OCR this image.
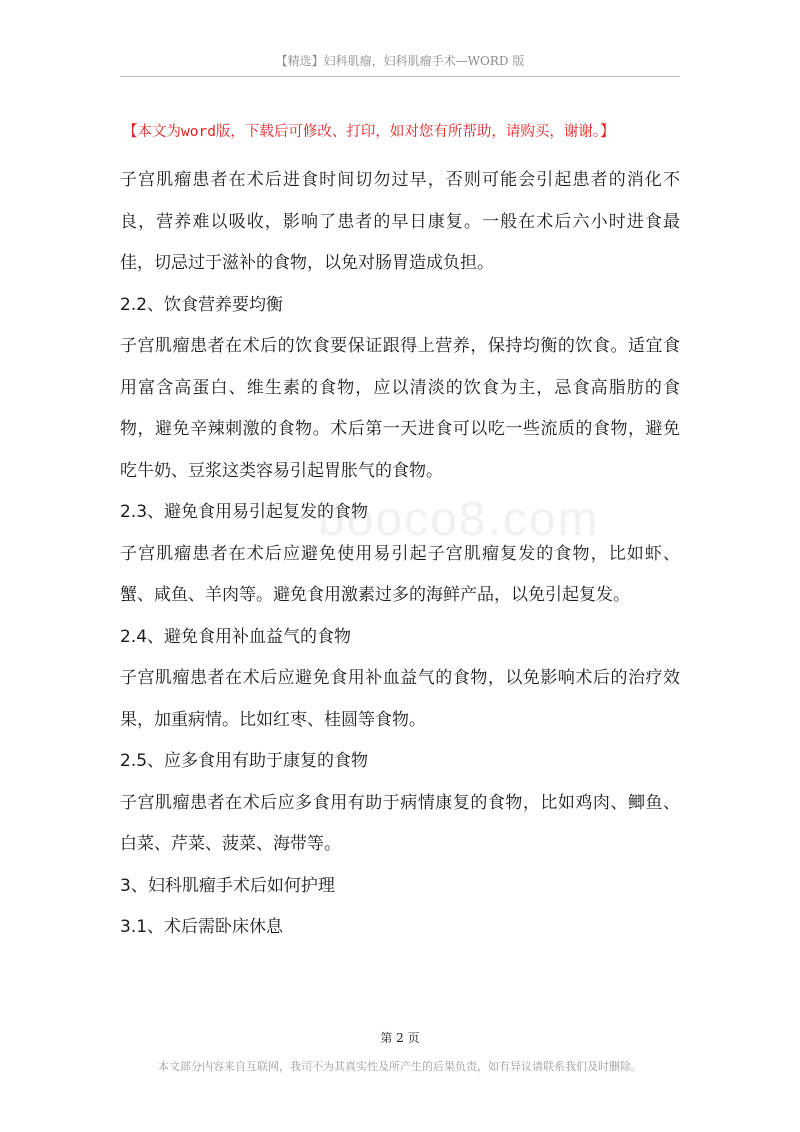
【精选】妇科肌瘤，妇科肌瘤手术—WORD 版
【本文为word版，下载后可修改、打印，如对您有所帮助，请购买，谢谢。】
booco8.com

子宫肌瘤患者在术后进食时间切勿过早，否则可能会引起患者的消化不良，营养难以吸收，影响了患者的早日康复。一般在术后六小时进食最佳，切忌过于滋补的食物，以免对肠胃造成负担。

2.2、饮食营养要均衡

子宫肌瘤患者在术后的饮食要保证跟得上营养，保持均衡的饮食。适宜食用富含高蛋白、维生素的食物，应以清淡的饮食为主，忌食高脂肪的食物，避免辛辣刺激的食物。术后第一天进食可以吃一些流质的食物，避免吃牛奶、豆浆这类容易引起胃胀气的食物。

2.3、避免食用易引起复发的食物

子宫肌瘤患者在术后应避免使用易引起子宫肌瘤复发的食物，比如虾、蟹、咸鱼、羊肉等。避免食用激素过多的海鲜产品，以免引起复发。

2.4、避免食用补血益气的食物

子宫肌瘤患者在术后应避免食用补血益气的食物，以免影响术后的治疗效果，加重病情。比如红枣、桂圆等食物。

2.5、应多食用有助于康复的食物

子宫肌瘤患者在术后应多食用有助于病情康复的食物，比如鸡肉、鲫鱼、白菜、芹菜、菠菜、海带等。

3、妇科肌瘤手术后如何护理

3.1、术后需卧床休息

第 2 页
本文部分内容来自互联网，我司不为其真实性及所产生的后果负责，如有异议请联系我们及时删除。
